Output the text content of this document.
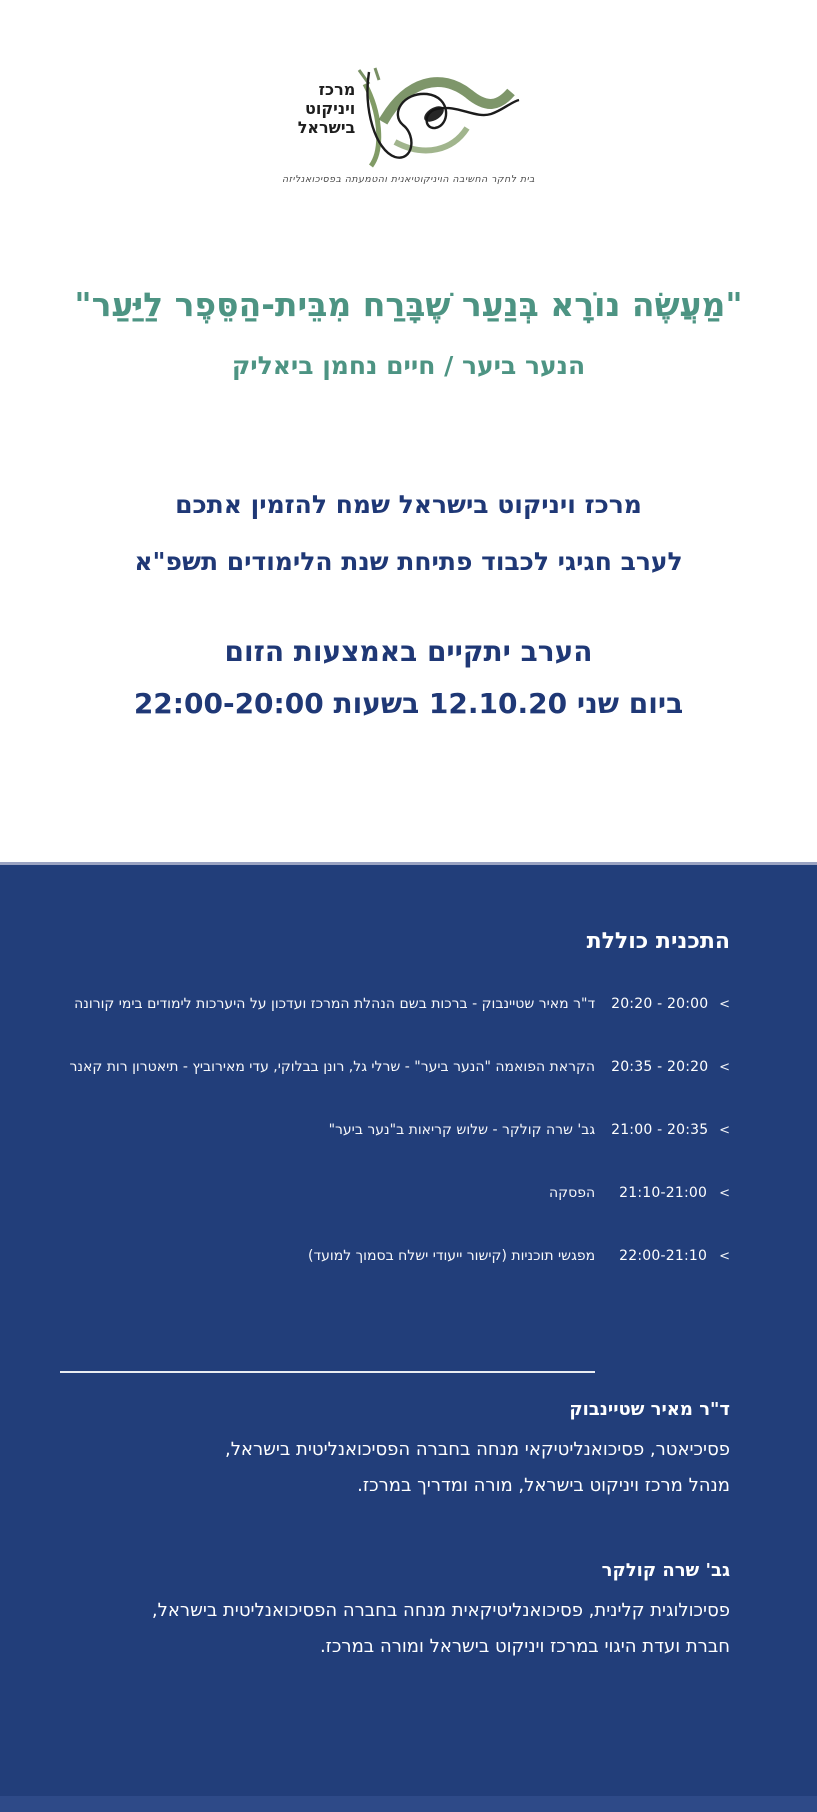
מרכז
ויניקוט
בישראל
בית לחקר החשיבה הויניקוטיאנית והטמעתה בפסיכואנליזה
"מַעֲשֶׂה נוֹרָא בְּנַעַר שֶׁבָּרַח מִבֵּית-הַסֵּפֶר לַיַּעַר"
הנער ביער / חיים נחמן ביאליק
מרכז ויניקוט בישראל שמח להזמין אתכם
לערב חגיגי לכבוד פתיחת שנת הלימודים תשפ"א
הערב יתקיים באמצעות הזום
ביום שני 12.10.20 בשעות 22:00-20:00
התכנית כוללת
<
20:20 - 20:00
ד"ר מאיר שטיינבוק - ברכות בשם הנהלת המרכז ועדכון על היערכות לימודים בימי קורונה
<
20:35 - 20:20
הקראת הפואמה "הנער ביער" - שרלי גל, רונן בבלוקי, עדי מאירוביץ - תיאטרון רות קאנר
<
21:00 - 20:35
גב' שרה קולקר - שלוש קריאות ב"נער ביער"
<
21:10-21:00
הפסקה
<
22:00-21:10
מפגשי תוכניות (קישור ייעודי ישלח בסמוך למועד)
ד"ר מאיר שטיינבוק
פסיכיאטר, פסיכואנליטיקאי מנחה בחברה הפסיכואנליטית בישראל,
מנהל מרכז ויניקוט בישראל, מורה ומדריך במרכז.
גב' שרה קולקר
פסיכולוגית קלינית, פסיכואנליטיקאית מנחה בחברה הפסיכואנליטית בישראל,
חברת ועדת היגוי במרכז ויניקוט בישראל ומורה במרכז.
